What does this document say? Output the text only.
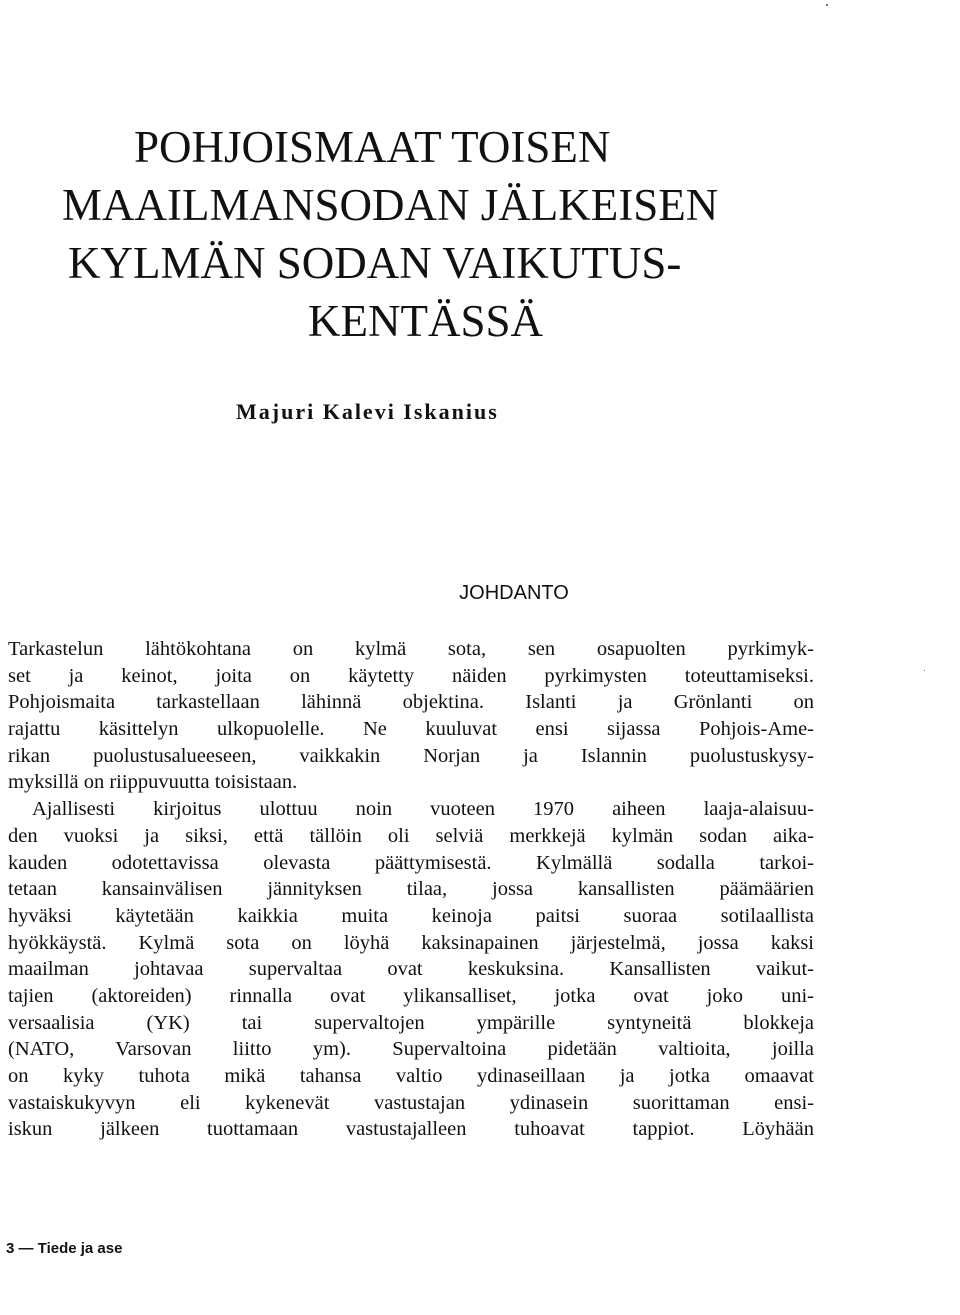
POHJOISMAAT TOISEN
MAAILMANSODAN JÄLKEISEN
KYLMÄN SODAN VAIKUTUS-
KENTÄSSÄ
Majuri Kalevi Iskanius
JOHDANTO
Tarkastelun lähtökohtana on kylmä sota, sen osapuolten pyrkimyk-
set ja keinot, joita on käytetty näiden pyrkimysten toteuttamiseksi.
Pohjoismaita tarkastellaan lähinnä objektina. Islanti ja Grönlanti on
rajattu käsittelyn ulkopuolelle. Ne kuuluvat ensi sijassa Pohjois-Ame-
rikan puolustusalueeseen, vaikkakin Norjan ja Islannin puolustuskysy-
myksillä on riippuvuutta toisistaan.
Ajallisesti kirjoitus ulottuu noin vuoteen 1970 aiheen laaja-alaisuu-
den vuoksi ja siksi, että tällöin oli selviä merkkejä kylmän sodan aika-
kauden odotettavissa olevasta päättymisestä. Kylmällä sodalla tarkoi-
tetaan kansainvälisen jännityksen tilaa, jossa kansallisten päämäärien
hyväksi käytetään kaikkia muita keinoja paitsi suoraa sotilaallista
hyökkäystä. Kylmä sota on löyhä kaksinapainen järjestelmä, jossa kaksi
maailman johtavaa supervaltaa ovat keskuksina. Kansallisten vaikut-
tajien (aktoreiden) rinnalla ovat ylikansalliset, jotka ovat joko uni-
versaalisia (YK) tai supervaltojen ympärille syntyneitä blokkeja
(NATO, Varsovan liitto ym). Supervaltoina pidetään valtioita, joilla
on kyky tuhota mikä tahansa valtio ydinaseillaan ja jotka omaavat
vastaiskukyvyn eli kykenevät vastustajan ydinasein suorittaman ensi-
iskun jälkeen tuottamaan vastustajalleen tuhoavat tappiot. Löyhään
3 — Tiede ja ase
